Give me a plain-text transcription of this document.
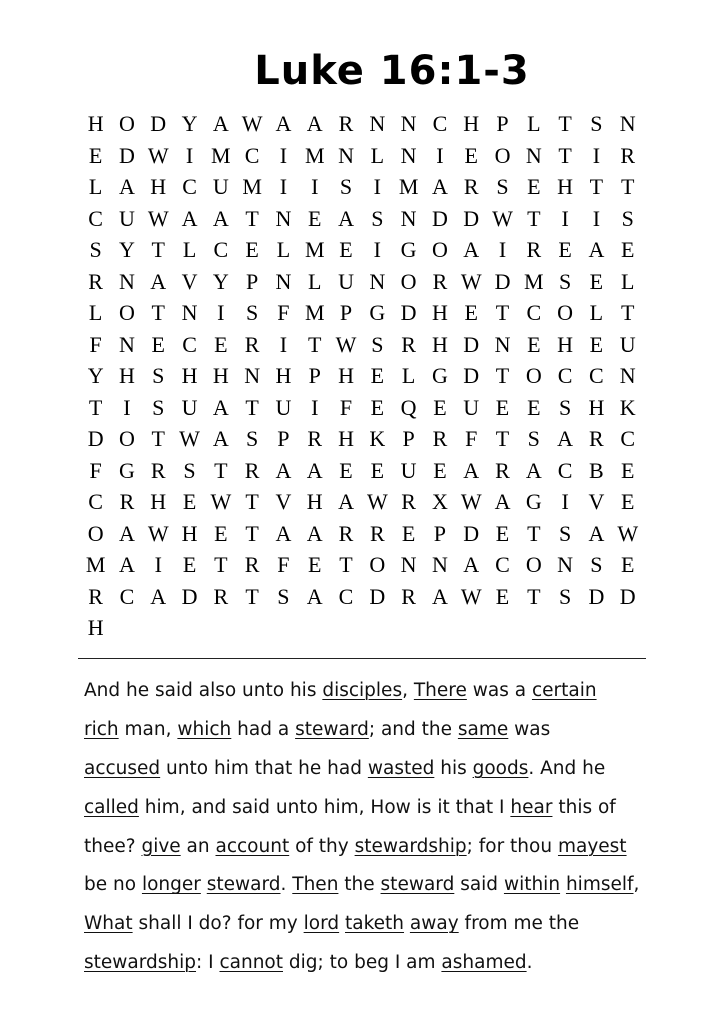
Luke 16:1-3
H O D Y A W A A R N N C H P L T S N
E D W I M C I M N L N I E O N T I R
L A H C U M I	I S I M A R S E H T T
C U W A A T N E A S N D D W T I	I S
S Y T L C E L M E I G O A I R E A E
R N A V Y P N L U N O R W D M S E L
L O T N I S F M P G D H E T C O L T
F N E C E R I T W S R H D N E H E U
Y H S H H N H P H E L G D T O C C N
T I S U A T U I F E Q E U E E S H K
D O T W A S P R H K P R F T S A R C
F G R S T R A A E E U E A R A C B E
C R H E W T V H A W R X W A G I V E
O A W H E T A A R R E P D E T S A W
M A I E T R F E T O N N A C O N S E
R C A D R T S A C D R A W E T S D D
H
And he said also unto his disciples, There was a certain
rich man, which had a steward; and the same was
accused unto him that he had wasted his goods. And he
called him, and said unto him, How is it that I hear this of
thee? give an account of thy stewardship; for thou mayest
be no longer steward. Then the steward said within himself,
What shall I do? for my lord taketh away from me the
stewardship: I cannot dig; to beg I am ashamed.
